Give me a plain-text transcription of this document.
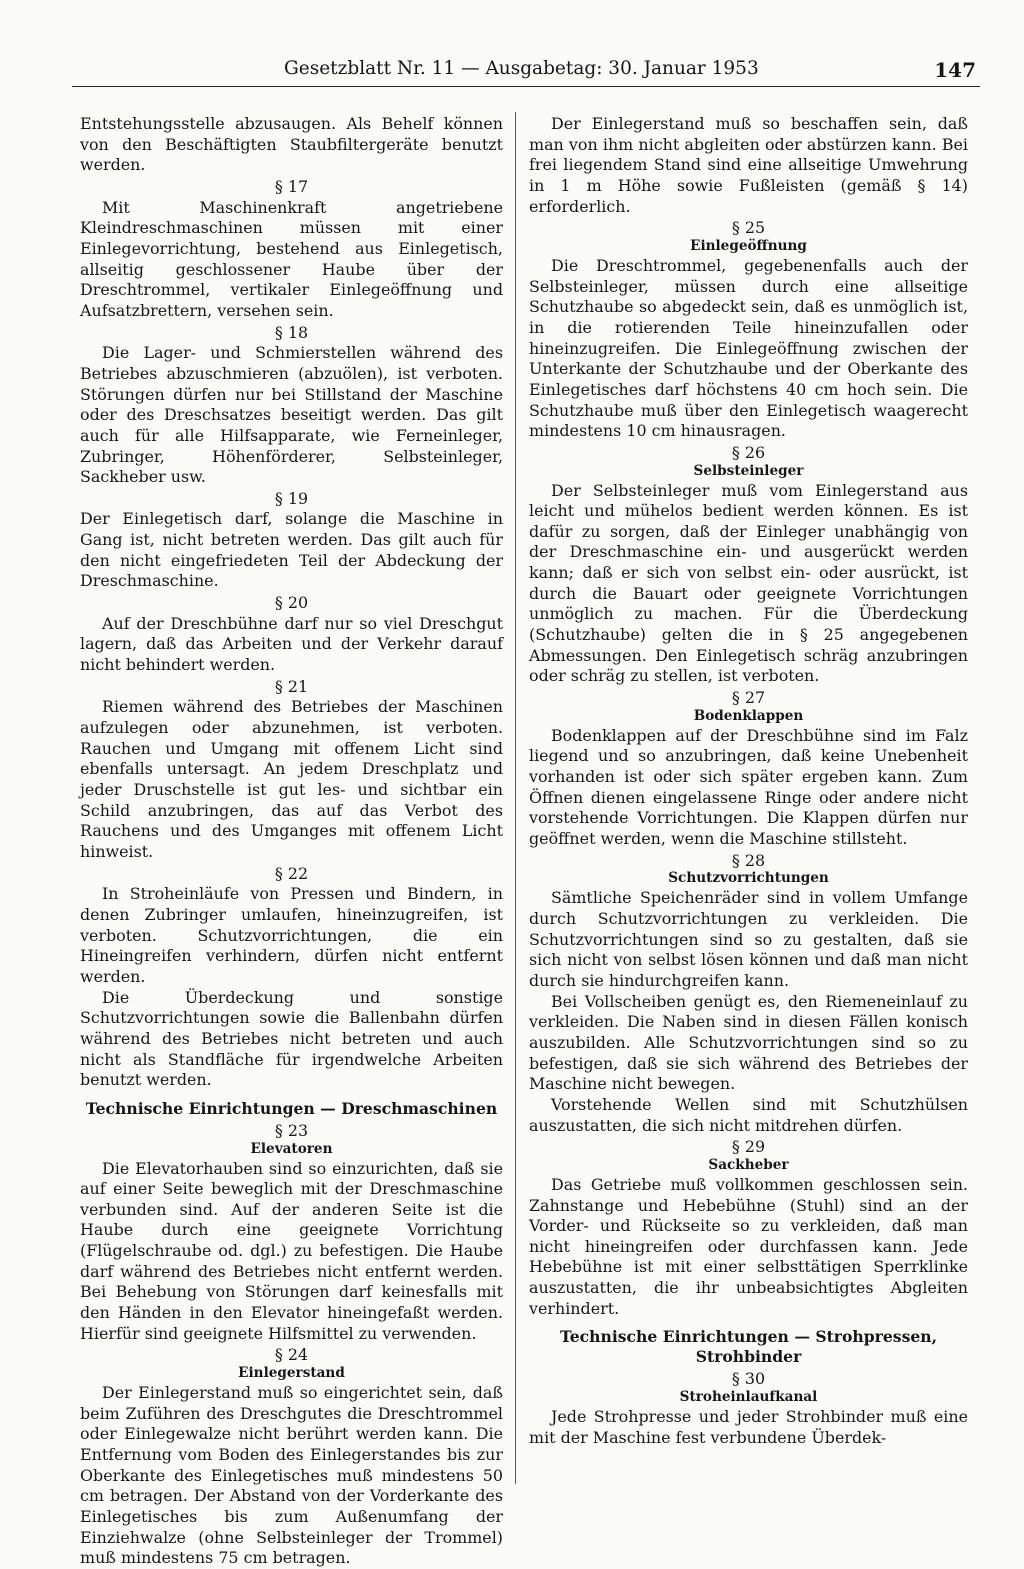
Gesetzblatt Nr. 11 — Ausgabetag: 30. Januar 1953	147

Entstehungsstelle abzusaugen. Als Behelf können von den Beschäftigten Staubfiltergeräte benutzt werden.

§ 17

Mit Maschinenkraft angetriebene Kleindreschmaschinen müssen mit einer Einlegevorrichtung, bestehend aus Einlegetisch, allseitig geschlossener Haube über der Dreschtrommel, vertikaler Einlegeöffnung und Aufsatzbrettern, versehen sein.

§ 18

Die Lager- und Schmierstellen während des Betriebes abzuschmieren (abzuölen), ist verboten. Störungen dürfen nur bei Stillstand der Maschine oder des Dreschsatzes beseitigt werden. Das gilt auch für alle Hilfsapparate, wie Ferneinleger, Zubringer, Höhenförderer, Selbsteinleger, Sackheber usw.

§ 19

Der Einlegetisch darf, solange die Maschine in Gang ist, nicht betreten werden. Das gilt auch für den nicht eingefriedeten Teil der Abdeckung der Dreschmaschine.

§ 20

Auf der Dreschbühne darf nur so viel Dreschgut lagern, daß das Arbeiten und der Verkehr darauf nicht behindert werden.

§ 21

Riemen während des Betriebes der Maschinen aufzulegen oder abzunehmen, ist verboten. Rauchen und Umgang mit offenem Licht sind ebenfalls untersagt. An jedem Dreschplatz und jeder Druschstelle ist gut les- und sichtbar ein Schild anzubringen, das auf das Verbot des Rauchens und des Umganges mit offenem Licht hinweist.

§ 22

In Stroheinläufe von Pressen und Bindern, in denen Zubringer umlaufen, hineinzugreifen, ist verboten. Schutzvorrichtungen, die ein Hineingreifen verhindern, dürfen nicht entfernt werden.

Die Überdeckung und sonstige Schutzvorrichtungen sowie die Ballenbahn dürfen während des Betriebes nicht betreten und auch nicht als Standfläche für irgendwelche Arbeiten benutzt werden.

Technische Einrichtungen — Dreschmaschinen
§ 23
Elevatoren

Die Elevatorhauben sind so einzurichten, daß sie auf einer Seite beweglich mit der Dreschmaschine verbunden sind. Auf der anderen Seite ist die Haube durch eine geeignete Vorrichtung (Flügelschraube od. dgl.) zu befestigen. Die Haube darf während des Betriebes nicht entfernt werden. Bei Behebung von Störungen darf keinesfalls mit den Händen in den Elevator hineingefaßt werden. Hierfür sind geeignete Hilfsmittel zu verwenden.

§ 24
Einlegerstand

Der Einlegerstand muß so eingerichtet sein, daß beim Zuführen des Dreschgutes die Dreschtrommel oder Einlegewalze nicht berührt werden kann. Die Entfernung vom Boden des Einlegerstandes bis zur Oberkante des Einlegetisches muß mindestens 50 cm betragen. Der Abstand von der Vorderkante des Einlegetisches bis zum Außenumfang der Einziehwalze (ohne Selbsteinleger der Trommel) muß mindestens 75 cm betragen.

Der Einlegerstand muß so beschaffen sein, daß man von ihm nicht abgleiten oder abstürzen kann. Bei frei liegendem Stand sind eine allseitige Umwehrung in 1 m Höhe sowie Fußleisten (gemäß § 14) erforderlich.

§ 25
Einlegeöffnung

Die Dreschtrommel, gegebenenfalls auch der Selbsteinleger, müssen durch eine allseitige Schutzhaube so abgedeckt sein, daß es unmöglich ist, in die rotierenden Teile hineinzufallen oder hineinzugreifen. Die Einlegeöffnung zwischen der Unterkante der Schutzhaube und der Oberkante des Einlegetisches darf höchstens 40 cm hoch sein. Die Schutzhaube muß über den Einlegetisch waagerecht mindestens 10 cm hinausragen.

§ 26
Selbsteinleger

Der Selbsteinleger muß vom Einlegerstand aus leicht und mühelos bedient werden können. Es ist dafür zu sorgen, daß der Einleger unabhängig von der Dreschmaschine ein- und ausgerückt werden kann; daß er sich von selbst ein- oder ausrückt, ist durch die Bauart oder geeignete Vorrichtungen unmöglich zu machen. Für die Überdeckung (Schutzhaube) gelten die in § 25 angegebenen Abmessungen. Den Einlegetisch schräg anzubringen oder schräg zu stellen, ist verboten.

§ 27
Bodenklappen

Bodenklappen auf der Dreschbühne sind im Falz liegend und so anzubringen, daß keine Unebenheit vorhanden ist oder sich später ergeben kann. Zum Öffnen dienen eingelassene Ringe oder andere nicht vorstehende Vorrichtungen. Die Klappen dürfen nur geöffnet werden, wenn die Maschine stillsteht.

§ 28
Schutzvorrichtungen

Sämtliche Speichenräder sind in vollem Umfange durch Schutzvorrichtungen zu verkleiden. Die Schutzvorrichtungen sind so zu gestalten, daß sie sich nicht von selbst lösen können und daß man nicht durch sie hindurchgreifen kann.

Bei Vollscheiben genügt es, den Riemeneinlauf zu verkleiden. Die Naben sind in diesen Fällen konisch auszubilden. Alle Schutzvorrichtungen sind so zu befestigen, daß sie sich während des Betriebes der Maschine nicht bewegen.

Vorstehende Wellen sind mit Schutzhülsen auszustatten, die sich nicht mitdrehen dürfen.

§ 29
Sackheber

Das Getriebe muß vollkommen geschlossen sein. Zahnstange und Hebebühne (Stuhl) sind an der Vorder- und Rückseite so zu verkleiden, daß man nicht hineingreifen oder durchfassen kann. Jede Hebebühne ist mit einer selbsttätigen Sperrklinke auszustatten, die ihr unbeabsichtigtes Abgleiten verhindert.

Technische Einrichtungen — Strohpressen, Strohbinder
§ 30
Stroheinlaufkanal

Jede Strohpresse und jeder Strohbinder muß eine mit der Maschine fest verbundene Überdek-
